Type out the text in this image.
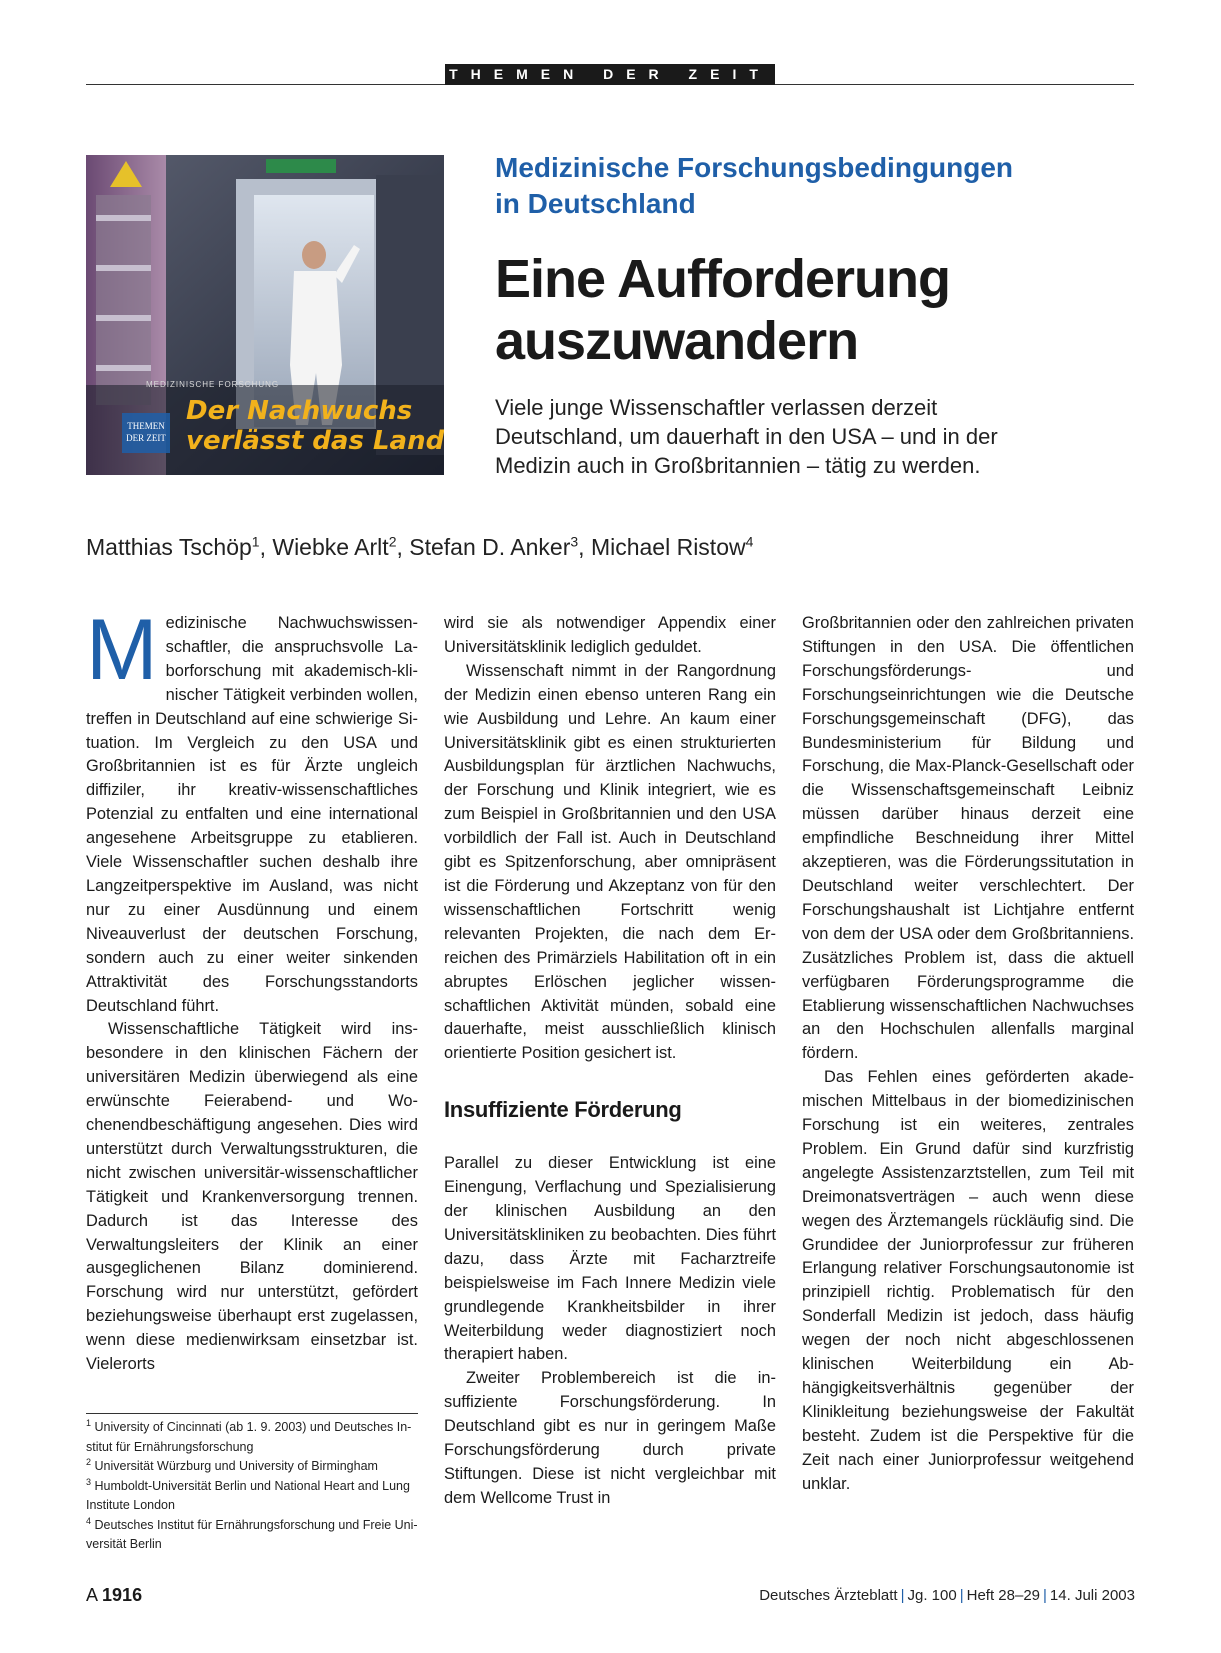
THEMEN DER ZEIT
MEDIZINISCHE FORSCHUNG
THEMEN
DER ZEIT
Der Nachwuchs
verlässt das Land
Medizinische Forschungsbedingungen
in Deutschland
Eine Aufforderung
auszuwandern
Viele junge Wissenschaftler verlassen derzeit
Deutschland, um dauerhaft in den USA – und in der
Medizin auch in Großbritannien – tätig zu werden.
Matthias Tschöp$^1$, Wiebke Arlt$^2$, Stefan D. Anker$^3$, Michael Ristow$^4$

Medizinische Nachwuchswissenschaftler, die anspruchsvolle Laborforschung mit akademisch-klinischer Tätigkeit verbinden wollen, treffen in Deutschland auf eine schwierige Situation. Im Vergleich zu den USA und Großbritannien ist es für Ärzte ungleich diffiziler, ihr kreativ-wissenschaftliches Potenzial zu entfalten und eine international angesehene Arbeitsgruppe zu etablieren. Viele Wissenschaftler suchen deshalb ihre Langzeitperspektive im Ausland, was nicht nur zu einer Ausdünnung und einem Niveauverlust der deutschen Forschung, sondern auch zu einer weiter sinkenden Attraktivität des Forschungsstandorts Deutschland führt.

Wissenschaftliche Tätigkeit wird insbesondere in den klinischen Fächern der universitären Medizin überwiegend als eine erwünschte Feierabend- und Wochenendbeschäftigung angesehen. Dies wird unterstützt durch Verwaltungsstrukturen, die nicht zwischen universitär-wissenschaftlicher Tätigkeit und Krankenversorgung trennen. Dadurch ist das Interesse des Verwaltungsleiters der Klinik an einer ausgeglichenen Bilanz dominierend. Forschung wird nur unterstützt, gefördert beziehungsweise überhaupt erst zugelassen, wenn diese medienwirksam einsetzbar ist. Vielerorts

wird sie als notwendiger Appendix einer Universitätsklinik lediglich geduldet.

Wissenschaft nimmt in der Rangordnung der Medizin einen ebenso unteren Rang ein wie Ausbildung und Lehre. An kaum einer Universitätsklinik gibt es einen strukturierten Ausbildungsplan für ärztlichen Nachwuchs, der Forschung und Klinik integriert, wie es zum Beispiel in Großbritannien und den USA vorbildlich der Fall ist. Auch in Deutschland gibt es Spitzenforschung, aber omnipräsent ist die Förderung und Akzeptanz von für den wissenschaftlichen Fortschritt wenig relevanten Projekten, die nach dem Erreichen des Primärziels Habilitation oft in ein abruptes Erlöschen jeglicher wissenschaftlichen Aktivität münden, sobald eine dauerhafte, meist ausschließlich klinisch orientierte Position gesichert ist.

Insuffiziente Förderung

Parallel zu dieser Entwicklung ist eine Einengung, Verflachung und Spezialisierung der klinischen Ausbildung an den Universitätskliniken zu beobachten. Dies führt dazu, dass Ärzte mit Facharztreife beispielsweise im Fach Innere Medizin viele grundlegende Krankheitsbilder in ihrer Weiterbildung weder diagnostiziert noch therapiert haben.

Zweiter Problembereich ist die insuffiziente Forschungsförderung. In Deutschland gibt es nur in geringem Maße Forschungsförderung durch private Stiftungen. Diese ist nicht vergleichbar mit dem Wellcome Trust in

Großbritannien oder den zahlreichen privaten Stiftungen in den USA. Die öffentlichen Forschungsförderungs- und Forschungseinrichtungen wie die Deutsche Forschungsgemeinschaft (DFG), das Bundesministerium für Bildung und Forschung, die Max-Planck-Gesellschaft oder die Wissenschaftsgemeinschaft Leibniz müssen darüber hinaus derzeit eine empfindliche Beschneidung ihrer Mittel akzeptieren, was die Förderungssitutation in Deutschland weiter verschlechtert. Der Forschungshaushalt ist Lichtjahre entfernt von dem der USA oder dem Großbritanniens. Zusätzliches Problem ist, dass die aktuell verfügbaren Förderungsprogramme die Etablierung wissenschaftlichen Nachwuchses an den Hochschulen allenfalls marginal fördern.

Das Fehlen eines geförderten akademischen Mittelbaus in der biomedizinischen Forschung ist ein weiteres, zentrales Problem. Ein Grund dafür sind kurzfristig angelegte Assistenzarztstellen, zum Teil mit Dreimonatsverträgen – auch wenn diese wegen des Ärztemangels rückläufig sind. Die Grundidee der Juniorprofessur zur früheren Erlangung relativer Forschungsautonomie ist prinzipiell richtig. Problematisch für den Sonderfall Medizin ist jedoch, dass häufig wegen der noch nicht abgeschlossenen klinischen Weiterbildung ein Abhängigkeitsverhältnis gegenüber der Klinikleitung beziehungsweise der Fakultät besteht. Zudem ist die Perspektive für die Zeit nach einer Juniorprofessur weitgehend unklar.

$^1$ University of Cincinnati (ab 1. 9. 2003) und Deutsches Institut für Ernährungsforschung
$^2$ Universität Würzburg und University of Birmingham
$^3$ Humboldt-Universität Berlin und National Heart and Lung Institute London
$^4$ Deutsches Institut für Ernährungsforschung und Freie Universität Berlin
A 1916	Deutsches Ärzteblatt | Jg. 100 | Heft 28–29 | 14. Juli 2003
